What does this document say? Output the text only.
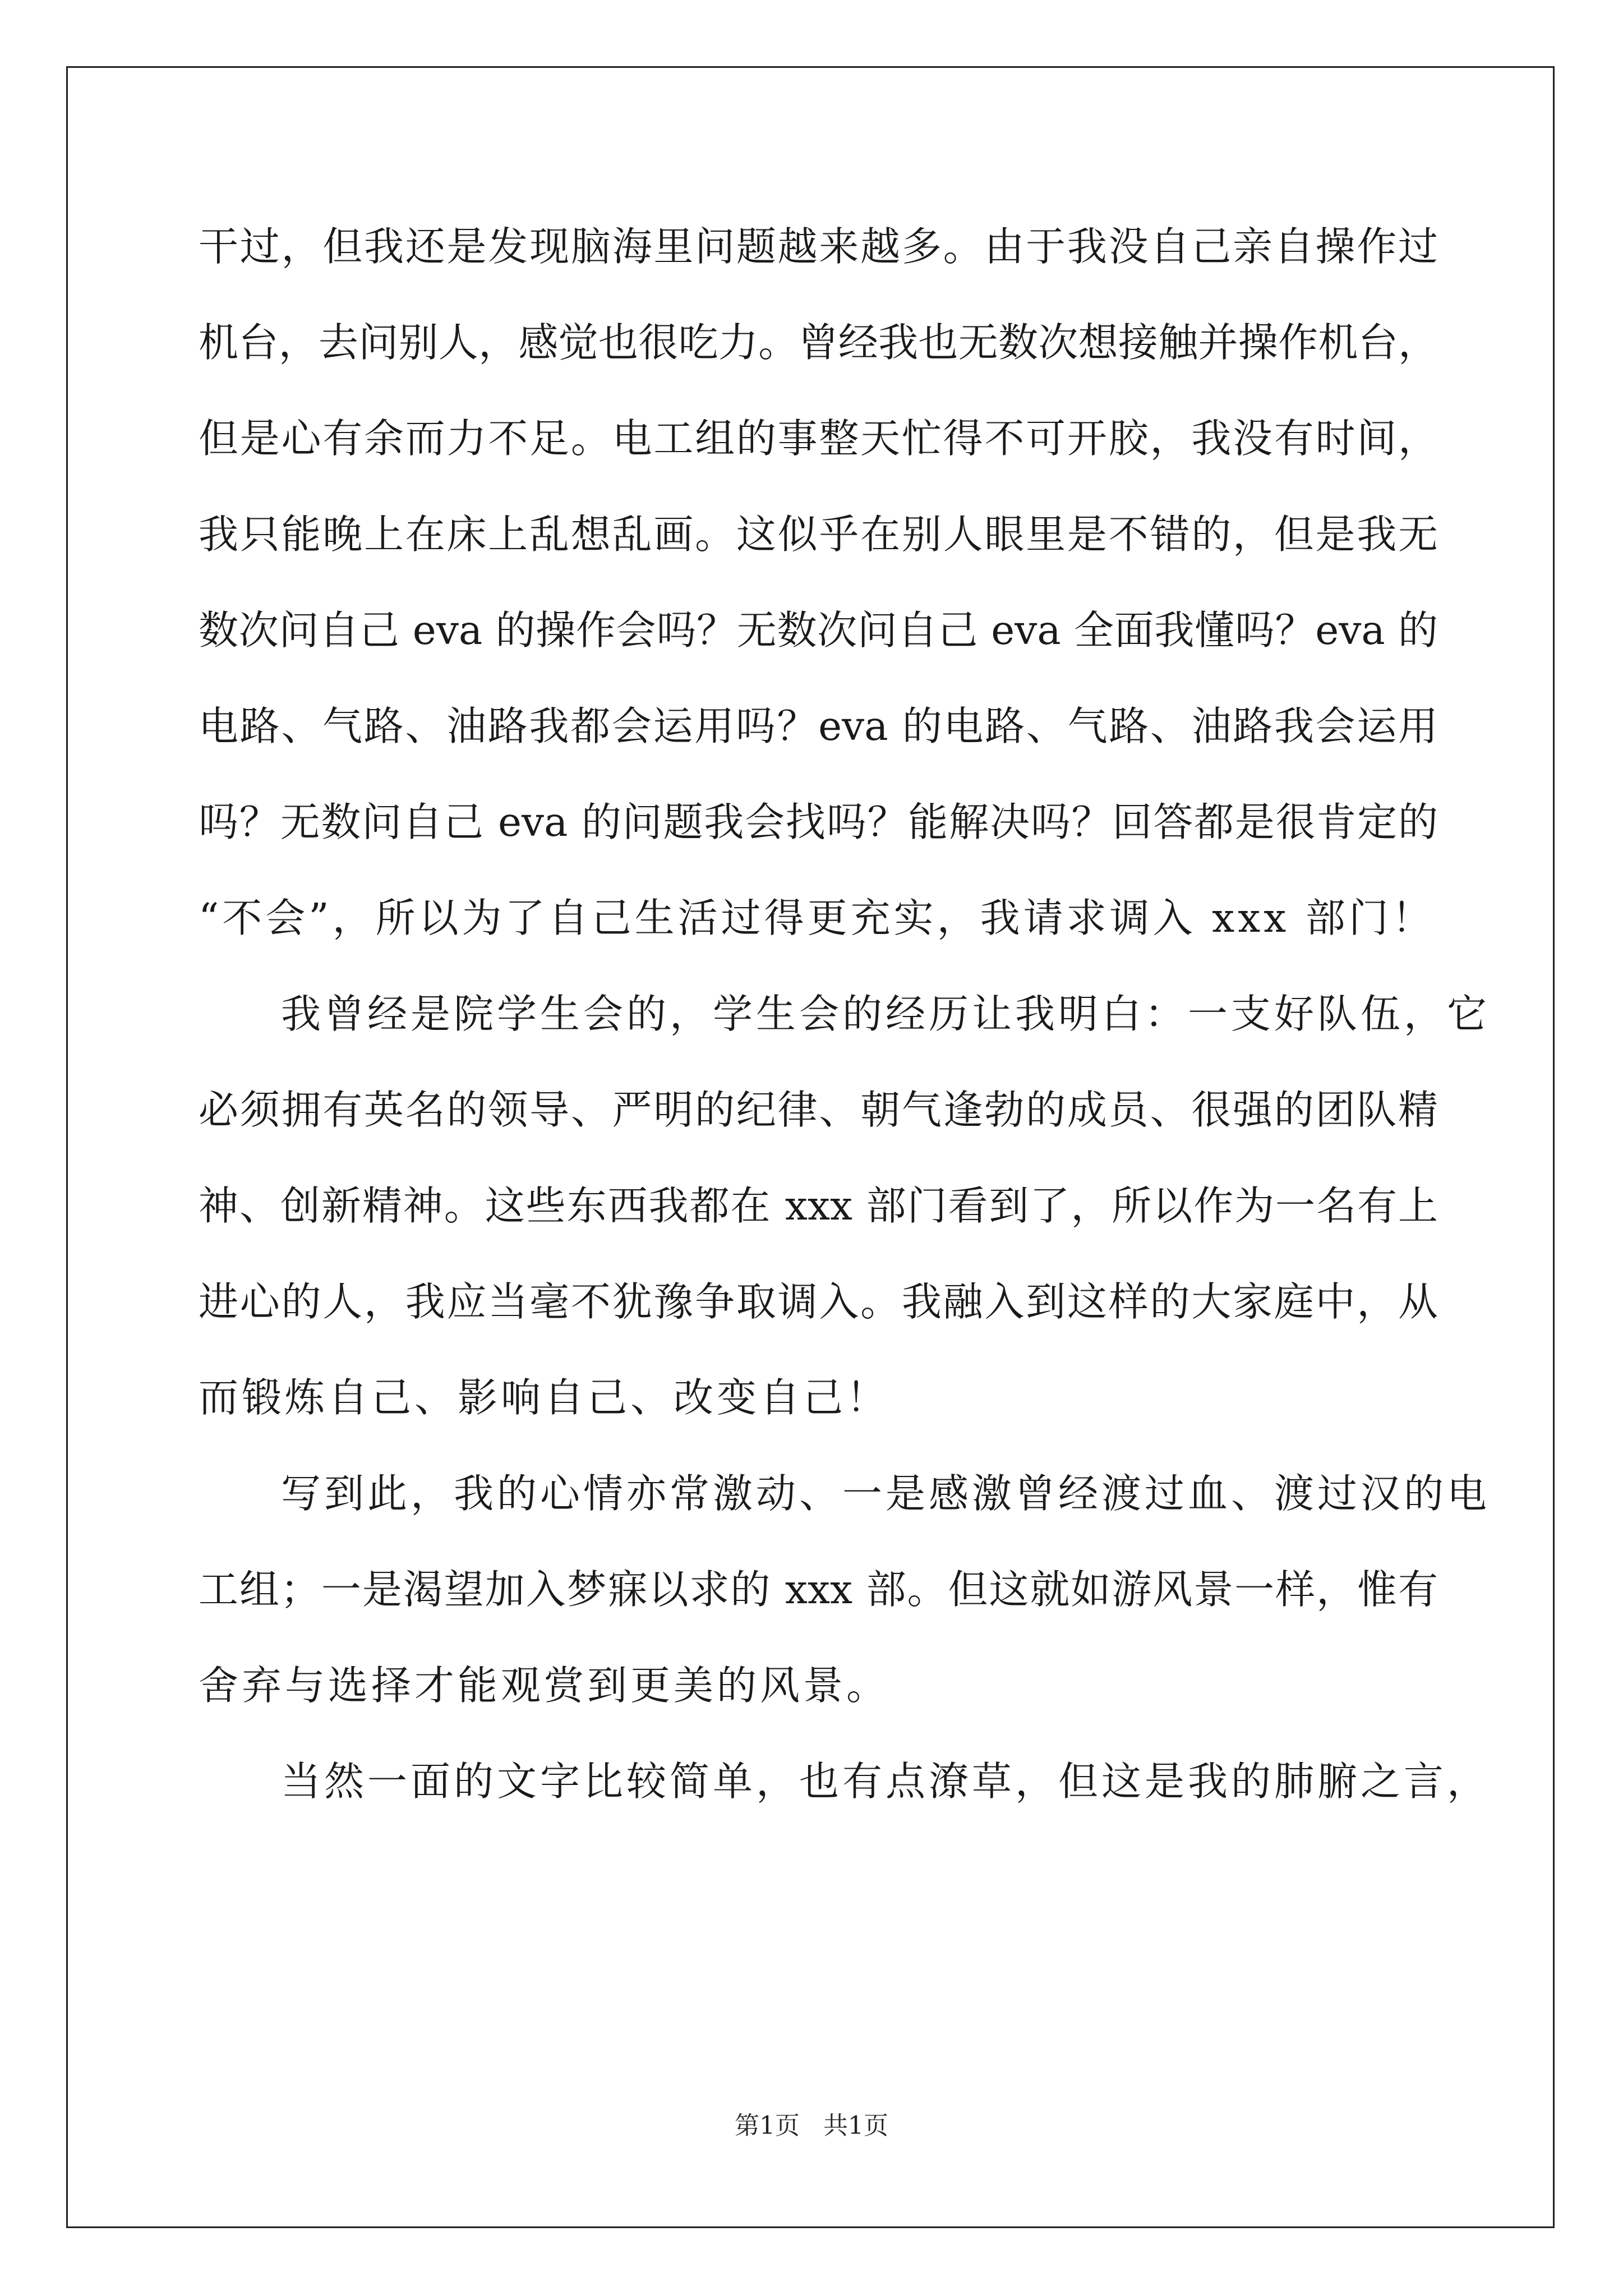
干过，但我还是发现脑海里问题越来越多。由于我没自己亲自操作过
机台，去问别人，感觉也很吃力。曾经我也无数次想接触并操作机台，
但是心有余而力不足。电工组的事整天忙得不可开胶，我没有时间，
我只能晚上在床上乱想乱画。这似乎在别人眼里是不错的，但是我无
数次问自己 eva 的操作会吗？无数次问自己 eva 全面我懂吗？eva 的
电路、气路、油路我都会运用吗？eva 的电路、气路、油路我会运用
吗？无数问自己 eva 的问题我会找吗？能解决吗？回答都是很肯定的
“不会”，所以为了自己生活过得更充实，我请求调入 xxx 部门！
我曾经是院学生会的，学生会的经历让我明白：一支好队伍，它
必须拥有英名的领导、严明的纪律、朝气逢勃的成员、很强的团队精
神、创新精神。这些东西我都在 xxx 部门看到了，所以作为一名有上
进心的人，我应当毫不犹豫争取调入。我融入到这样的大家庭中，从
而锻炼自己、影响自己、改变自己！
写到此，我的心情亦常激动、一是感激曾经渡过血、渡过汉的电
工组；一是渴望加入梦寐以求的 xxx 部。但这就如游风景一样，惟有
舍弃与选择才能观赏到更美的风景。
当然一面的文字比较简单，也有点潦草，但这是我的肺腑之言，
第1页 共1页
